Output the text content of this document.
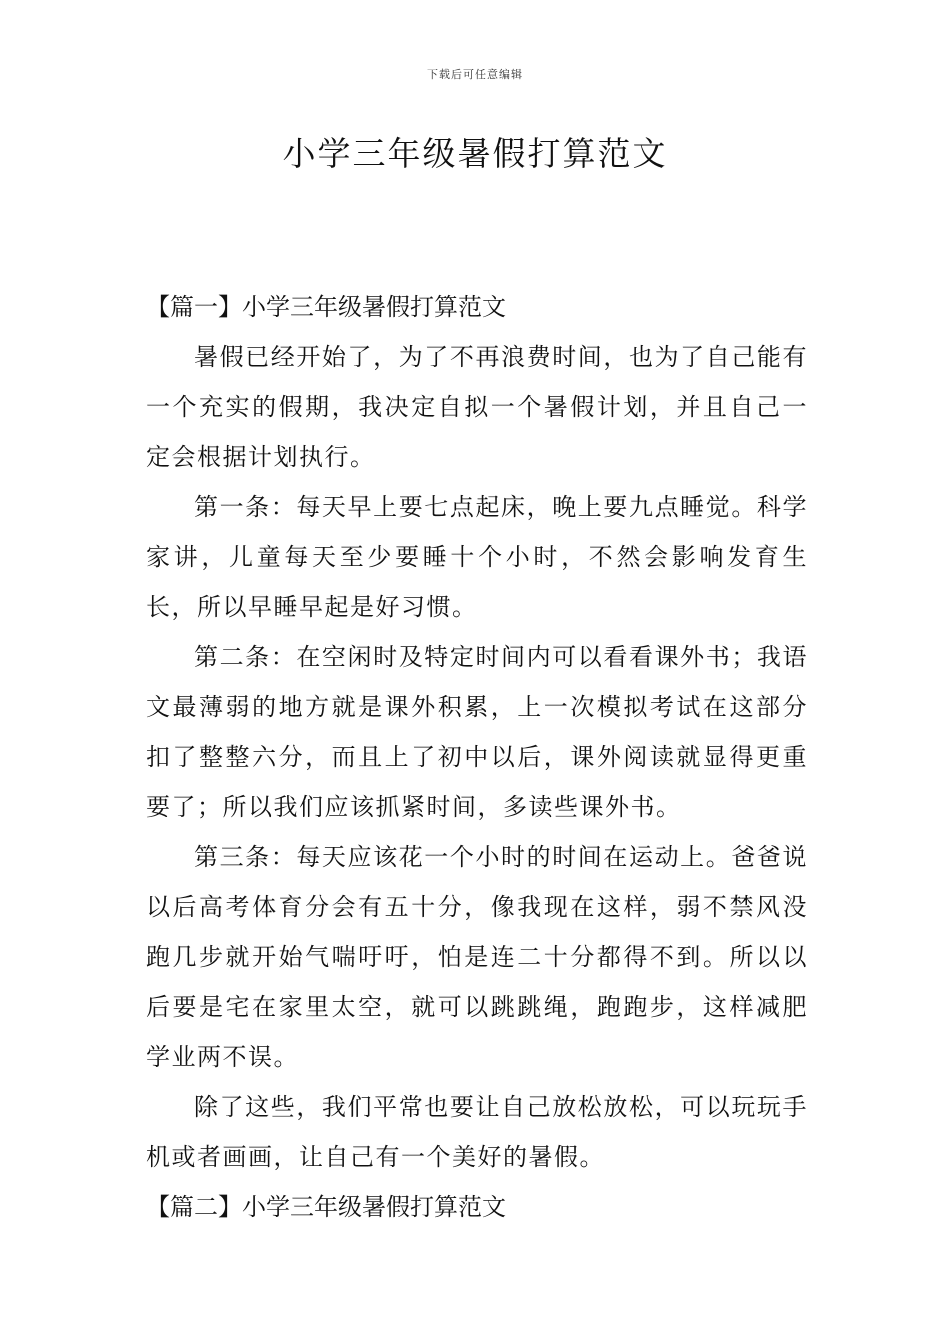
下载后可任意编辑
小学三年级暑假打算范文

【篇一】小学三年级暑假打算范文

暑假已经开始了，为了不再浪费时间，也为了自己能有一个充实的假期，我决定自拟一个暑假计划，并且自己一定会根据计划执行。

第一条：每天早上要七点起床，晚上要九点睡觉。科学家讲，儿童每天至少要睡十个小时，不然会影响发育生长，所以早睡早起是好习惯。

第二条：在空闲时及特定时间内可以看看课外书；我语文最薄弱的地方就是课外积累，上一次模拟考试在这部分扣了整整六分，而且上了初中以后，课外阅读就显得更重要了；所以我们应该抓紧时间，多读些课外书。

第三条：每天应该花一个小时的时间在运动上。爸爸说以后高考体育分会有五十分，像我现在这样，弱不禁风没跑几步就开始气喘吁吁，怕是连二十分都得不到。所以以后要是宅在家里太空，就可以跳跳绳，跑跑步，这样减肥学业两不误。

除了这些，我们平常也要让自己放松放松，可以玩玩手机或者画画，让自己有一个美好的暑假。

【篇二】小学三年级暑假打算范文
